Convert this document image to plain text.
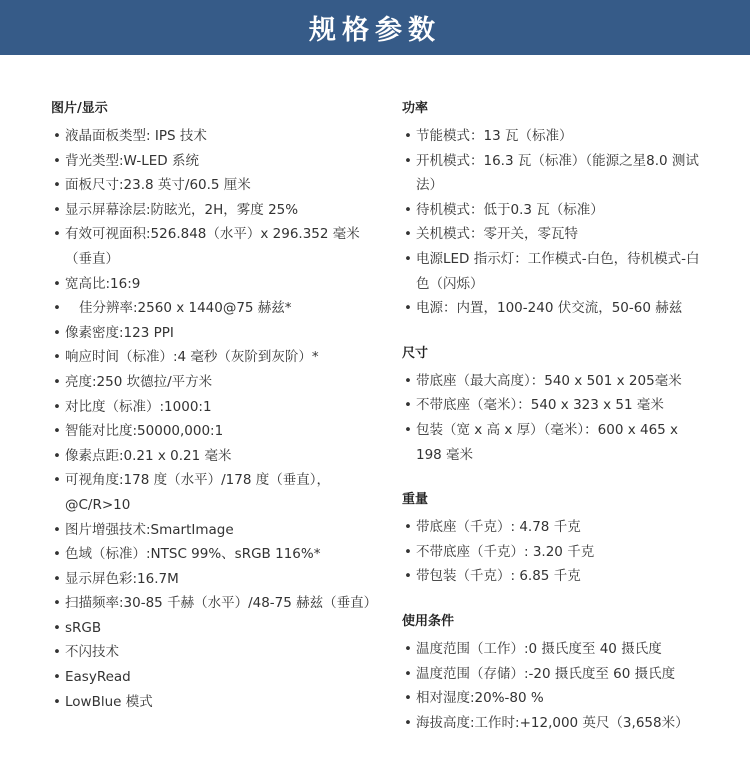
规格参数
图片/显示
• 液晶面板类型: IPS 技术
• 背光类型:W-LED 系统
• 面板尺寸:23.8 英寸/60.5 厘米
• 显示屏幕涂层:防眩光，2H，雾度 25%
• 有效可视面积:526.848（水平）x 296.352 毫米（垂直）
• 宽高比:16:9
• 佳分辨率:2560 x 1440@75 赫兹*
• 像素密度:123 PPI
• 响应时间（标准）:4 毫秒（灰阶到灰阶）*
• 亮度:250 坎德拉/平方米
• 对比度（标准）:1000:1
• 智能对比度:50000,000:1
• 像素点距:0.21 x 0.21 毫米
• 可视角度:178 度（水平）/178 度（垂直），@C/R>10
• 图片增强技术:SmartImage
• 色域（标准）:NTSC 99%、sRGB 116%*
• 显示屏色彩:16.7M
• 扫描频率:30-85 千赫（水平）/48-75 赫兹（垂直）
• sRGB
• 不闪技术
• EasyRead
• LowBlue 模式
功率
• 节能模式：13 瓦（标准）
• 开机模式：16.3 瓦（标准）（能源之星8.0 测试法）
• 待机模式：低于0.3 瓦（标准）
• 关机模式：零开关，零瓦特
• 电源LED 指示灯：工作模式-白色，待机模式-白色（闪烁）
• 电源：内置，100-240 伏交流，50-60 赫兹
尺寸
• 带底座（最大高度）：540 x 501 x 205毫米
• 不带底座（毫米）：540 x 323 x 51 毫米
• 包装（宽 x 高 x 厚）（毫米）：600 x 465 x 198 毫米
重量
• 带底座（千克）: 4.78 千克
• 不带底座（千克）: 3.20 千克
• 带包装（千克）: 6.85 千克
使用条件
• 温度范围（工作）:0 摄氏度至 40 摄氏度
• 温度范围（存储）:-20 摄氏度至 60 摄氏度
• 相对湿度:20%-80 %
• 海拔高度:工作时:+12,000 英尺（3,658米）
